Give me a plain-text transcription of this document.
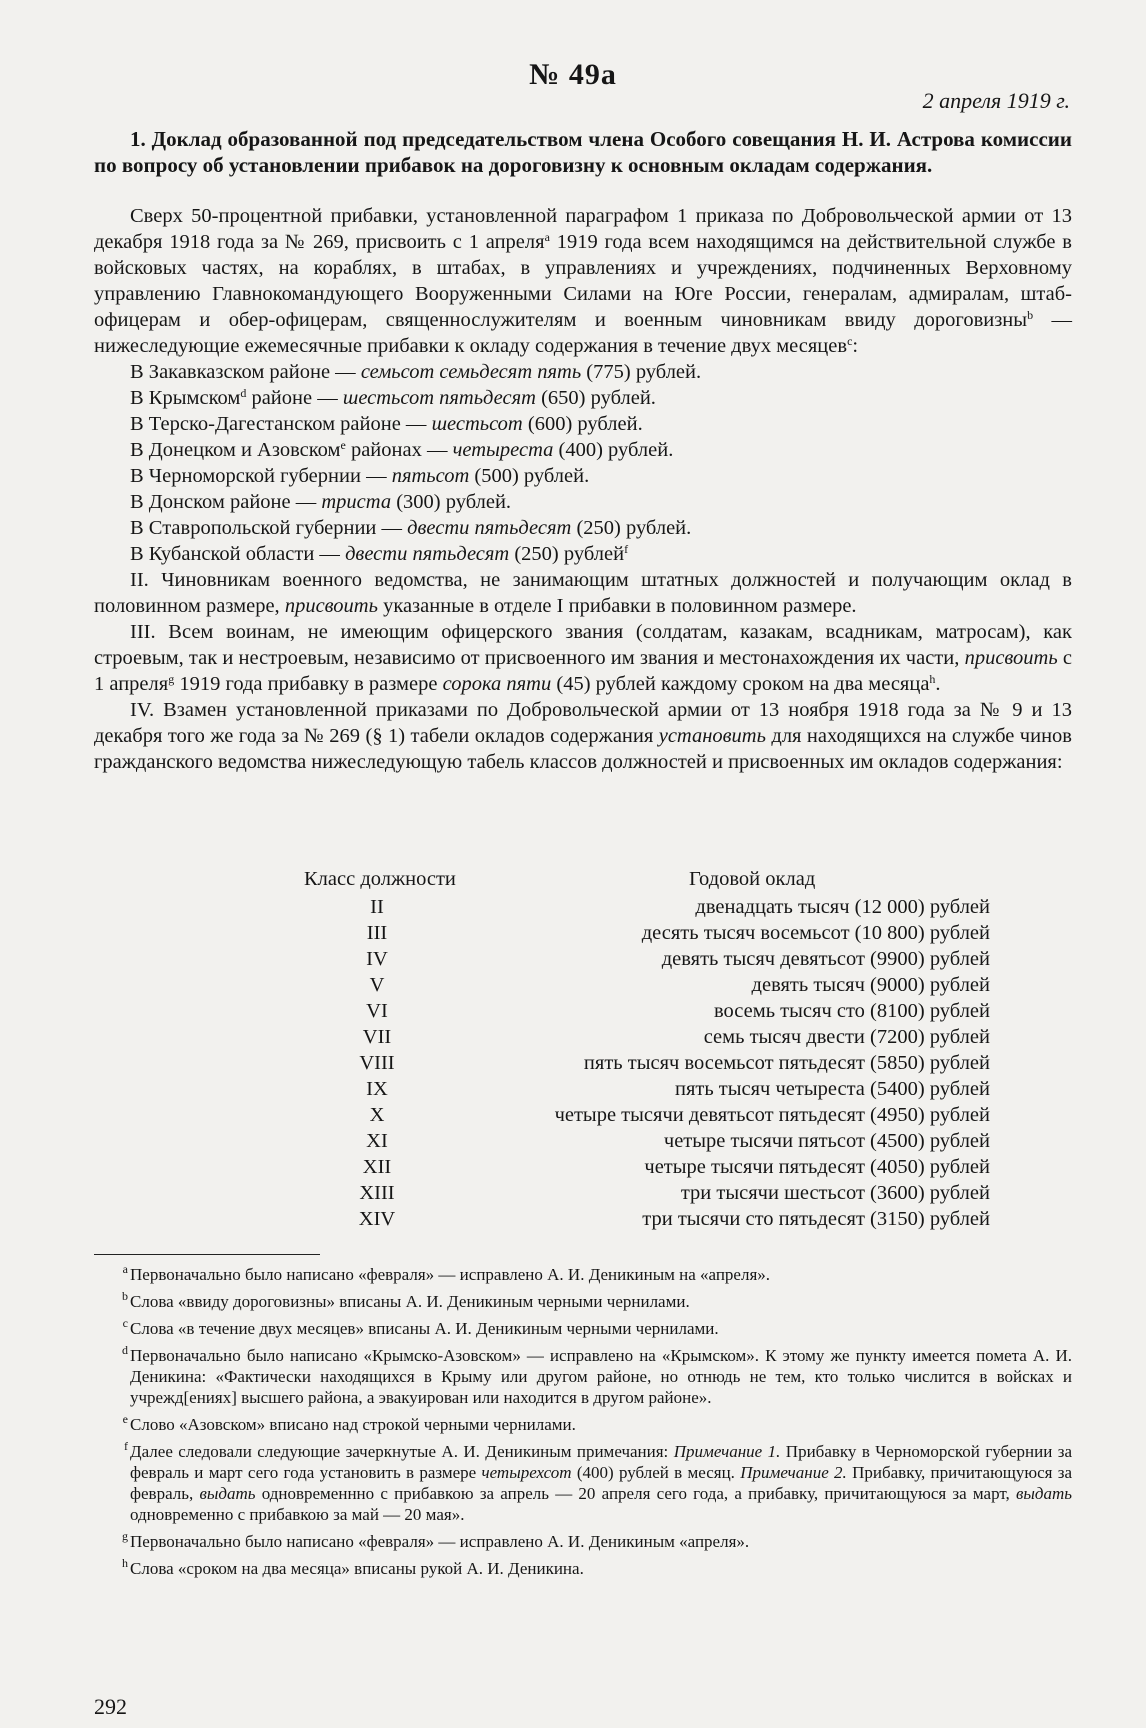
№ 49а
2 апреля 1919 г.

1. Доклад образованной под председательством члена Особого совещания Н. И. Астрова комиссии по вопросу об установлении прибавок на дороговизну к основным окладам содержания.

Сверх 50-процентной прибавки, установленной параграфом 1 приказа по Добровольческой армии от 13 декабря 1918 года за № 269, присвоить с 1 апреля$^a$ 1919 года всем находящимся на действительной службе в войсковых частях, на кораблях, в штабах, в управлениях и учреждениях, подчиненных Верховному управлению Главнокомандующего Вооруженными Силами на Юге России, генералам, адмиралам, штаб-офицерам и обер-офицерам, священнослужителям и военным чиновникам ввиду дороговизны$^b$ — нижеследующие ежемесячные прибавки к окладу содержания в течение двух месяцев$^c$:

В Закавказском районе — семьсот семьдесят пять (775) рублей.

В Крымском$^d$ районе — шестьсот пятьдесят (650) рублей.

В Терско-Дагестанском районе — шестьсот (600) рублей.

В Донецком и Азовском$^e$ районах — четыреста (400) рублей.

В Черноморской губернии — пятьсот (500) рублей.

В Донском районе — триста (300) рублей.

В Ставропольской губернии — двести пятьдесят (250) рублей.

В Кубанской области — двести пятьдесят (250) рублей$^f$

II. Чиновникам военного ведомства, не занимающим штатных должностей и получающим оклад в половинном размере, присвоить указанные в отделе I прибавки в половинном размере.

III. Всем воинам, не имеющим офицерского звания (солдатам, казакам, всадникам, матросам), как строевым, так и нестроевым, независимо от присвоенного им звания и местонахождения их части, присвоить с 1 апреля$^g$ 1919 года прибавку в размере сорока пяти (45) рублей каждому сроком на два месяца$^h$.

IV. Взамен установленной приказами по Добровольческой армии от 13 ноября 1918 года за № 9 и 13 декабря того же года за № 269 (§ 1) табели окладов содержания установить для находящихся на службе чинов гражданского ведомства нижеследующую табель классов должностей и присвоенных им окладов содержания:

Класс должности	Годовой оклад
II	двенадцать тысяч (12 000) рублей
III	десять тысяч восемьсот (10 800) рублей
IV	девять тысяч девятьсот (9900) рублей
V	девять тысяч (9000) рублей
VI	восемь тысяч сто (8100) рублей
VII	семь тысяч двести (7200) рублей
VIII	пять тысяч восемьсот пятьдесят (5850) рублей
IX	пять тысяч четыреста (5400) рублей
X	четыре тысячи девятьсот пятьдесят (4950) рублей
XI	четыре тысячи пятьсот (4500) рублей
XII	четыре тысячи пятьдесят (4050) рублей
XIII	три тысячи шестьсот (3600) рублей
XIV	три тысячи сто пятьдесят (3150) рублей
a Первоначально было написано «февраля» — исправлено А. И. Деникиным на «апреля».
b Слова «ввиду дороговизны» вписаны А. И. Деникиным черными чернилами.
c Слова «в течение двух месяцев» вписаны А. И. Деникиным черными чернилами.
d Первоначально было написано «Крымско-Азовском» — исправлено на «Крымском». К этому же пункту имеется помета А. И. Деникина: «Фактически находящихся в Крыму или другом районе, но отнюдь не тем, кто только числится в войсках и учрежд[ениях] высшего района, а эвакуирован или находится в другом районе».
e Слово «Азовском» вписано над строкой черными чернилами.
f Далее следовали следующие зачеркнутые А. И. Деникиным примечания: Примечание 1. Прибавку в Черноморской губернии за февраль и март сего года установить в размере четырехсот (400) рублей в месяц. Примечание 2. Прибавку, причитающуюся за февраль, выдать одновременнно с прибавкою за апрель — 20 апреля сего года, а прибавку, причитающуюся за март, выдать одновременно с прибавкою за май — 20 мая».
g Первоначально было написано «февраля» — исправлено А. И. Деникиным «апреля».
h Слова «сроком на два месяца» вписаны рукой А. И. Деникина.
292
